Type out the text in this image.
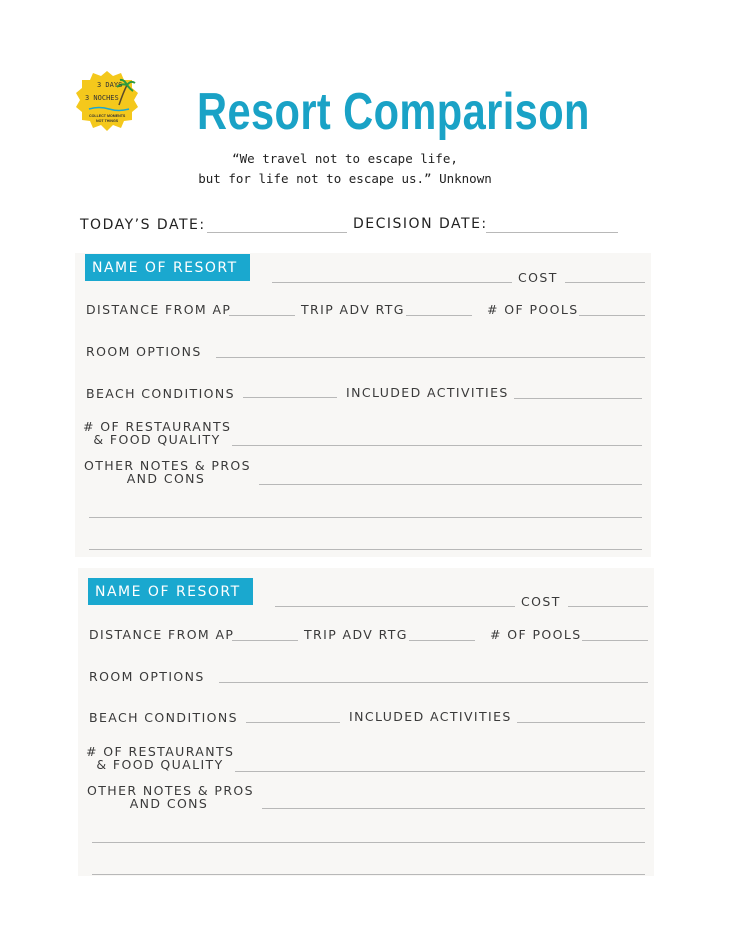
3 DAYS
3 NOCHES
COLLECT MOMENTS
NOT THINGS Resort Comparison
“We travel not to escape life,
but for life not to escape us.” Unknown
TODAY’S DATE:	DECISION DATE:
NAME OF RESORT
COST
DISTANCE FROM AP	TRIP ADV RTG	# OF POOLS
ROOM OPTIONS
BEACH CONDITIONS	INCLUDED ACTIVITIES
# OF RESTAURANTS
& FOOD QUALITY
OTHER NOTES & PROS
AND CONS
NAME OF RESORT
COST
DISTANCE FROM AP	TRIP ADV RTG	# OF POOLS
ROOM OPTIONS
BEACH CONDITIONS	INCLUDED ACTIVITIES
# OF RESTAURANTS
& FOOD QUALITY
OTHER NOTES & PROS
AND CONS
